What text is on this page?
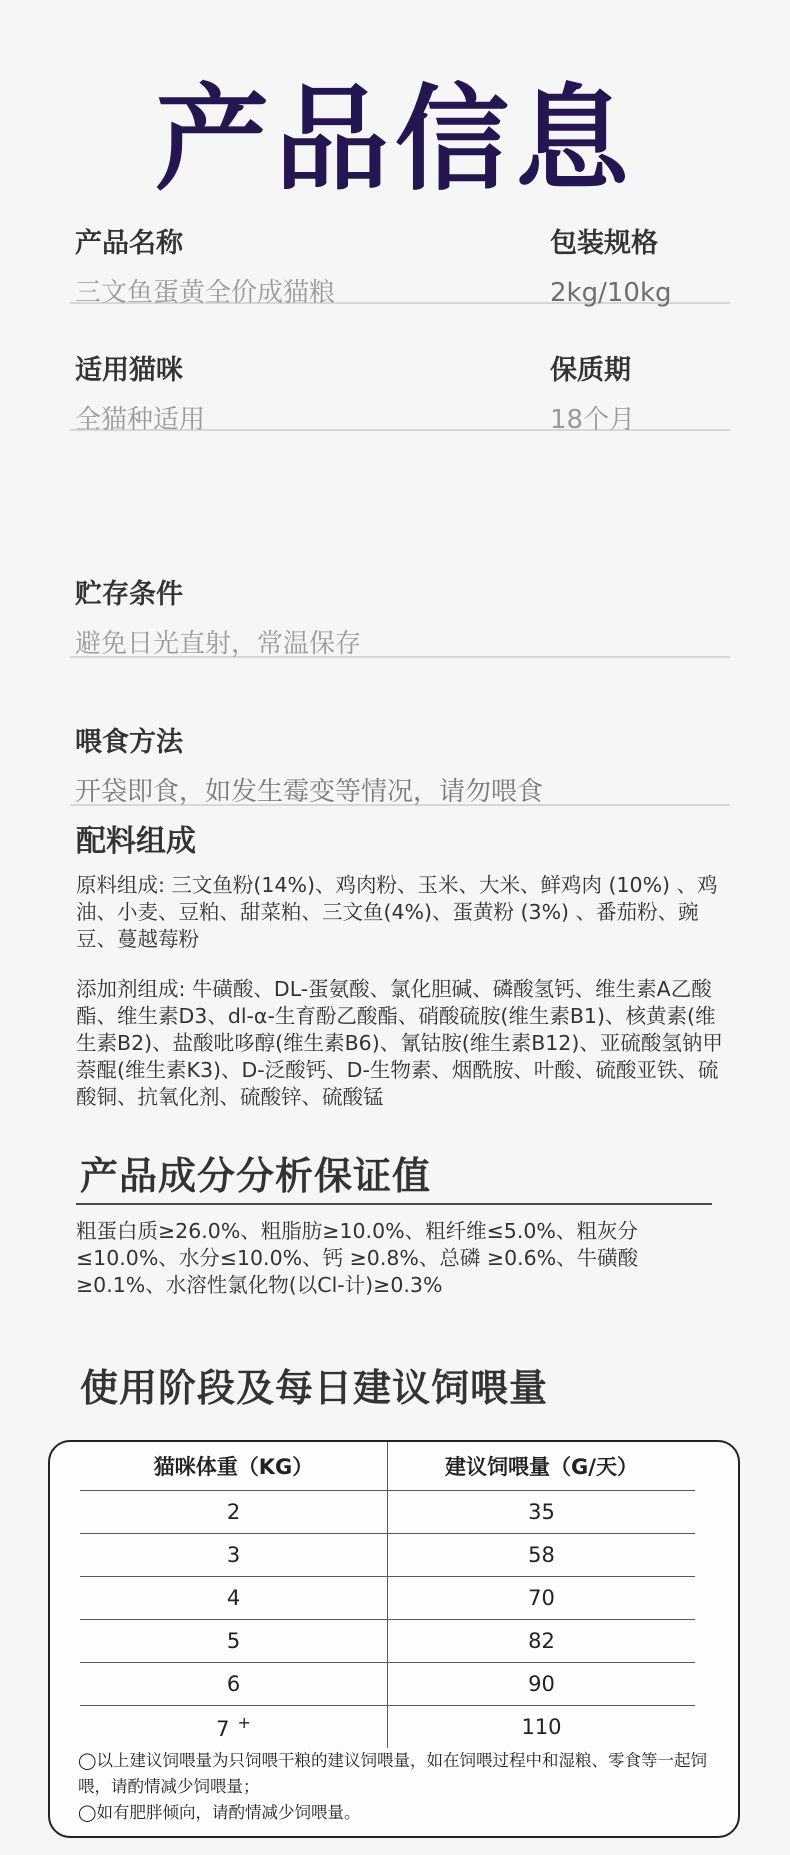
产品信息
产品名称
三文鱼蛋黄全价成猫粮
包装规格
2kg/10kg
适用猫咪
全猫种适用
保质期
18个月
贮存条件
避免日光直射，常温保存
喂食方法
开袋即食，如发生霉变等情况，请勿喂食
配料组成
原料组成: 三文鱼粉(14%)、鸡肉粉、玉米、大米、鲜鸡肉 (10%) 、鸡油、小麦、豆粕、甜菜粕、三文鱼(4%)、蛋黄粉 (3%) 、番茄粉、豌豆、蔓越莓粉
添加剂组成: 牛磺酸、DL-蛋氨酸、氯化胆碱、磷酸氢钙、维生素A乙酸酯、维生素D3、dl-α-生育酚乙酸酯、硝酸硫胺(维生素B1)、核黄素(维生素B2)、盐酸吡哆醇(维生素B6)、氰钴胺(维生素B12)、亚硫酸氢钠甲萘醌(维生素K3)、D-泛酸钙、D-生物素、烟酰胺、叶酸、硫酸亚铁、硫酸铜、抗氧化剂、硫酸锌、硫酸锰
产品成分分析保证值
粗蛋白质≥26.0%、粗脂肪≥10.0%、粗纤维≤5.0%、粗灰分≤10.0%、水分≤10.0%、钙 ≥0.8%、总磷 ≥0.6%、牛磺酸 ≥0.1%、水溶性氯化物(以Cl-计)≥0.3%
使用阶段及每日建议饲喂量
猫咪体重（KG）	建议饲喂量（G/天）
2	35
3	58
4	70
5	82
6	90
7 +	110
◯以上建议饲喂量为只饲喂干粮的建议饲喂量，如在饲喂过程中和湿粮、零食等一起饲喂，请酌情减少饲喂量；
◯如有肥胖倾向，请酌情减少饲喂量。
